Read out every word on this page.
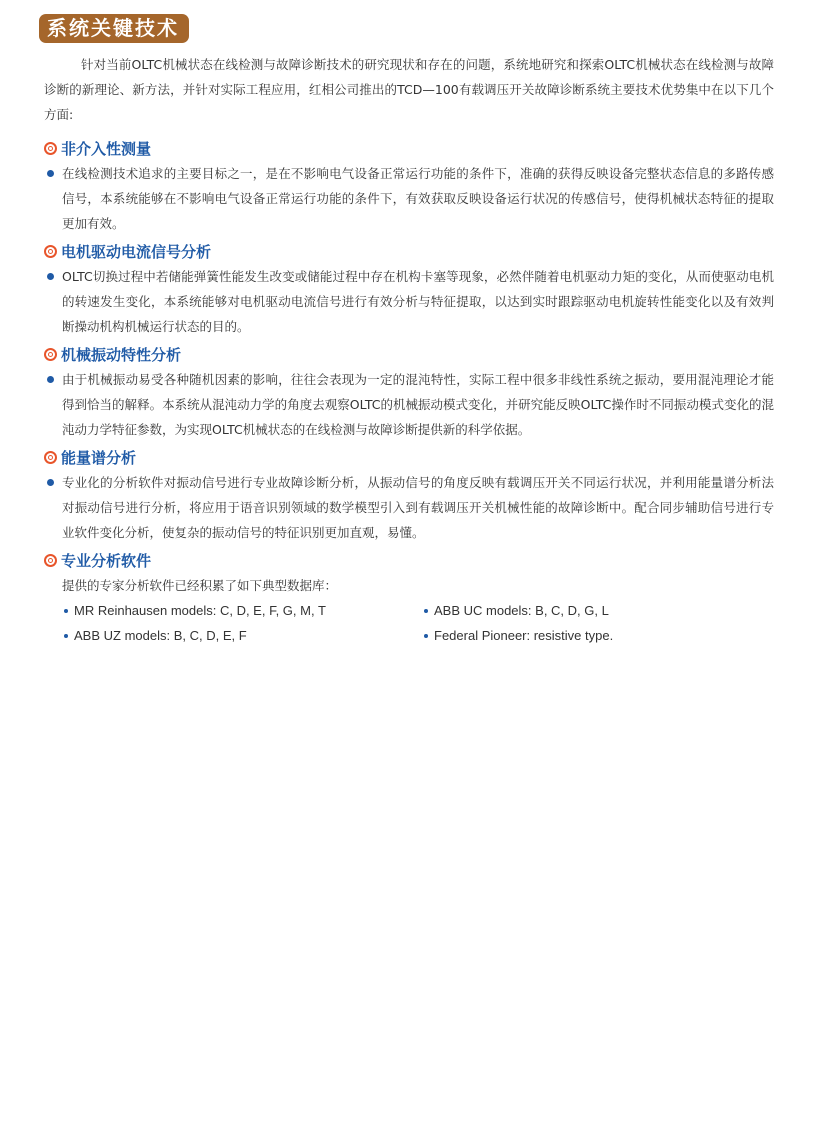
系统关键技术

针对当前OLTC机械状态在线检测与故障诊断技术的研究现状和存在的问题，系统地研究和探索OLTC机械状态在线检测与故障诊断的新理论、新方法，并针对实际工程应用，红相公司推出的TCD—100有载调压开关故障诊断系统主要技术优势集中在以下几个方面:

非介入性测量

在线检测技术追求的主要目标之一，是在不影响电气设备正常运行功能的条件下，准确的获得反映设备完整状态信息的多路传感信号，本系统能够在不影响电气设备正常运行功能的条件下，有效获取反映设备运行状况的传感信号，使得机械状态特征的提取更加有效。

电机驱动电流信号分析

OLTC切换过程中若储能弹簧性能发生改变或储能过程中存在机构卡塞等现象，必然伴随着电机驱动力矩的变化，从而使驱动电机的转速发生变化，本系统能够对电机驱动电流信号进行有效分析与特征提取，以达到实时跟踪驱动电机旋转性能变化以及有效判断操动机构机械运行状态的目的。

机械振动特性分析

由于机械振动易受各种随机因素的影响，往往会表现为一定的混沌特性，实际工程中很多非线性系统之振动，要用混沌理论才能得到恰当的解释。本系统从混沌动力学的角度去观察OLTC的机械振动模式变化，并研究能反映OLTC操作时不同振动模式变化的混沌动力学特征参数，为实现OLTC机械状态的在线检测与故障诊断提供新的科学依据。

能量谱分析

专业化的分析软件对振动信号进行专业故障诊断分析，从振动信号的角度反映有载调压开关不同运行状况，并利用能量谱分析法对振动信号进行分析，将应用于语音识别领域的数学模型引入到有载调压开关机械性能的故障诊断中。配合同步辅助信号进行专业软件变化分析，使复杂的振动信号的特征识别更加直观，易懂。

专业分析软件

提供的专家分析软件已经积累了如下典型数据库：

MR Reinhausen models: C, D, E, F, G, M, T	ABB UC models: B, C, D, G, L
ABB UZ models: B, C, D, E, F	Federal Pioneer: resistive type.
